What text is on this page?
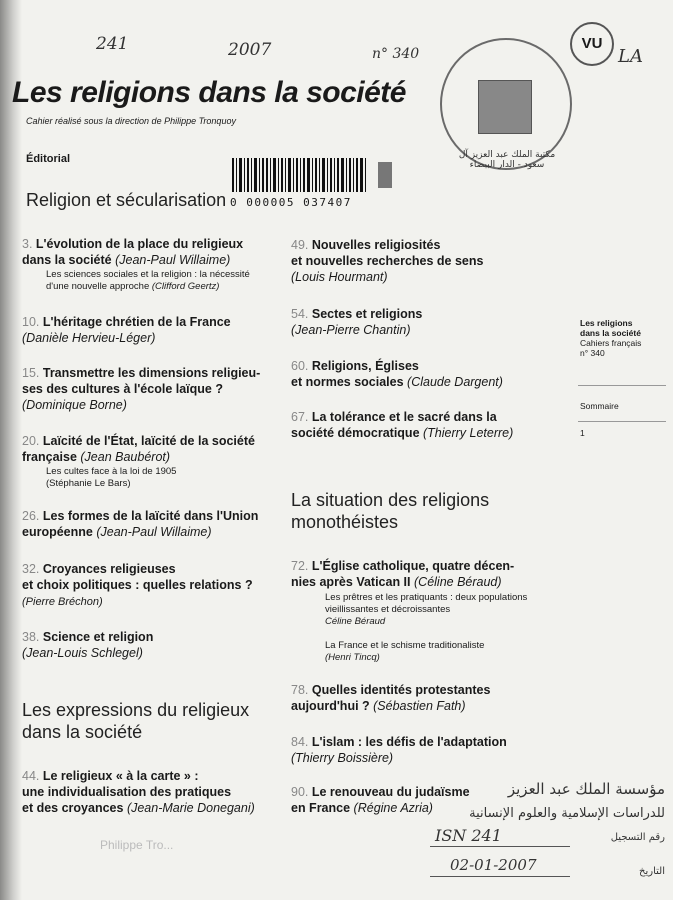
241	2007	n° 340	LA
مكتبة الملك عبد العزيز آل سعود - الدار البيضاء
VU
Les religions dans la société
Cahier réalisé sous la direction de Philippe Tronquoy
Éditorial
0 000005 037407
Religion et sécularisation
3. L'évolution de la place du religieux
dans la société (Jean-Paul Willaime)
Les sciences sociales et la religion : la nécessité
d'une nouvelle approche (Clifford Geertz)
10. L'héritage chrétien de la France
(Danièle Hervieu-Léger)
15. Transmettre les dimensions religieu-
ses des cultures à l'école laïque ?
(Dominique Borne)
20. Laïcité de l'État, laïcité de la société
française (Jean Baubérot)
Les cultes face à la loi de 1905
(Stéphanie Le Bars)
26. Les formes de la laïcité dans l'Union
européenne (Jean-Paul Willaime)
32. Croyances religieuses
et choix politiques : quelles relations ?
(Pierre Bréchon)
38. Science et religion
(Jean-Louis Schlegel)
Les expressions du religieux
dans la société
44. Le religieux « à la carte » :
une individualisation des pratiques
et des croyances (Jean-Marie Donegani)
Philippe Tro...
49. Nouvelles religiosités
et nouvelles recherches de sens
(Louis Hourmant)
54. Sectes et religions
(Jean-Pierre Chantin)
60. Religions, Églises
et normes sociales (Claude Dargent)
67. La tolérance et le sacré dans la
société démocratique (Thierry Leterre)
La situation des religions
monothéistes
72. L'Église catholique, quatre décen-
nies après Vatican II (Céline Béraud)
Les prêtres et les pratiquants : deux populations
vieillissantes et décroissantes
Céline Béraud
La France et le schisme traditionaliste
(Henri Tincq)
78. Quelles identités protestantes
aujourd'hui ? (Sébastien Fath)
84. L'islam : les défis de l'adaptation
(Thierry Boissière)
90. Le renouveau du judaïsme
en France (Régine Azria)
Les religions
dans la société
Cahiers français
n° 340
Sommaire
1
مؤسسة الملك عبد العزيز
للدراسات الإسلامية والعلوم الإنسانية
رقم التسجيل
ISN 241
التاريخ
02-01-2007
